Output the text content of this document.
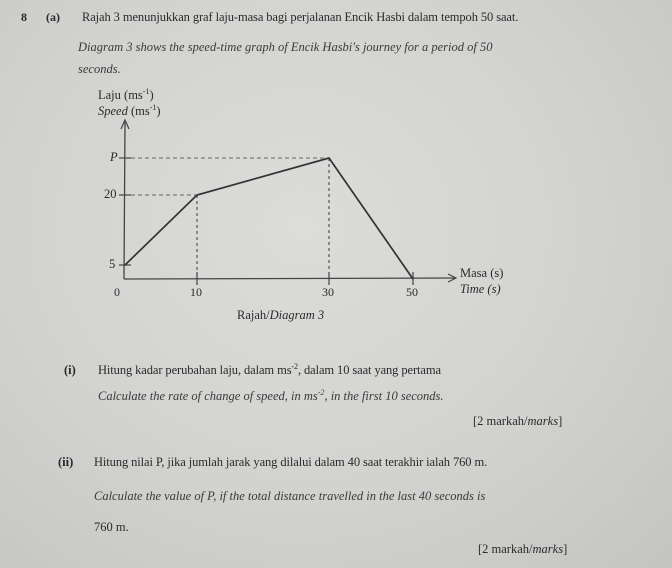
8 (a) Rajah 3 menunjukkan graf laju-masa bagi perjalanan Encik Hasbi dalam tempoh 50 saat.
Diagram 3 shows the speed-time graph of Encik Hasbi's journey for a period of 50
seconds.
Laju $(ms^{-1})$
Speed $(ms^{-1})$
P
20
5
0	10	30	50
Masa (s)
Time (s)
Rajah/Diagram 3
(i) Hitung kadar perubahan laju, dalam $ms^{-2}$, dalam 10 saat yang pertama
Calculate the rate of change of speed, in $ms^{-2}$, in the first 10 seconds.
[2 markah/marks]
(ii) Hitung nilai P, jika jumlah jarak yang dilalui dalam 40 saat terakhir ialah 760 m.
Calculate the value of P, if the total distance travelled in the last 40 seconds is
760 m.
[2 markah/marks]
